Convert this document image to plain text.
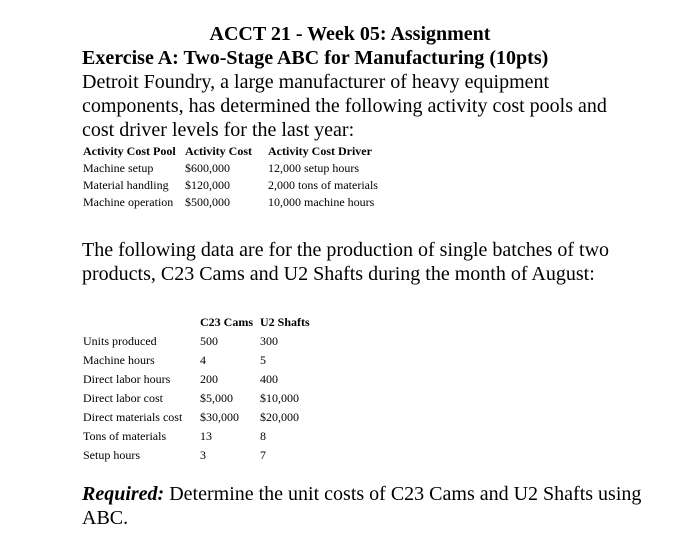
ACCT 21 - Week 05: Assignment
Exercise A: Two-Stage ABC for Manufacturing (10pts)
Detroit Foundry, a large manufacturer of heavy equipment components, has determined the following activity cost pools and cost driver levels for the last year:
Activity Cost Pool	Activity Cost	Activity Cost Driver
Machine setup	$600,000	12,000 setup hours
Material handling	$120,000	2,000 tons of materials
Machine operation	$500,000	10,000 machine hours
The following data are for the production of single batches of two products, C23 Cams and U2 Shafts during the month of August:
	C23 Cams	U2 Shafts
Units produced	500	300
Machine hours	4	5
Direct labor hours	200	400
Direct labor cost	$5,000	$10,000
Direct materials cost	$30,000	$20,000
Tons of materials	13	8
Setup hours	3	7
Required: Determine the unit costs of C23 Cams and U2 Shafts using ABC.
